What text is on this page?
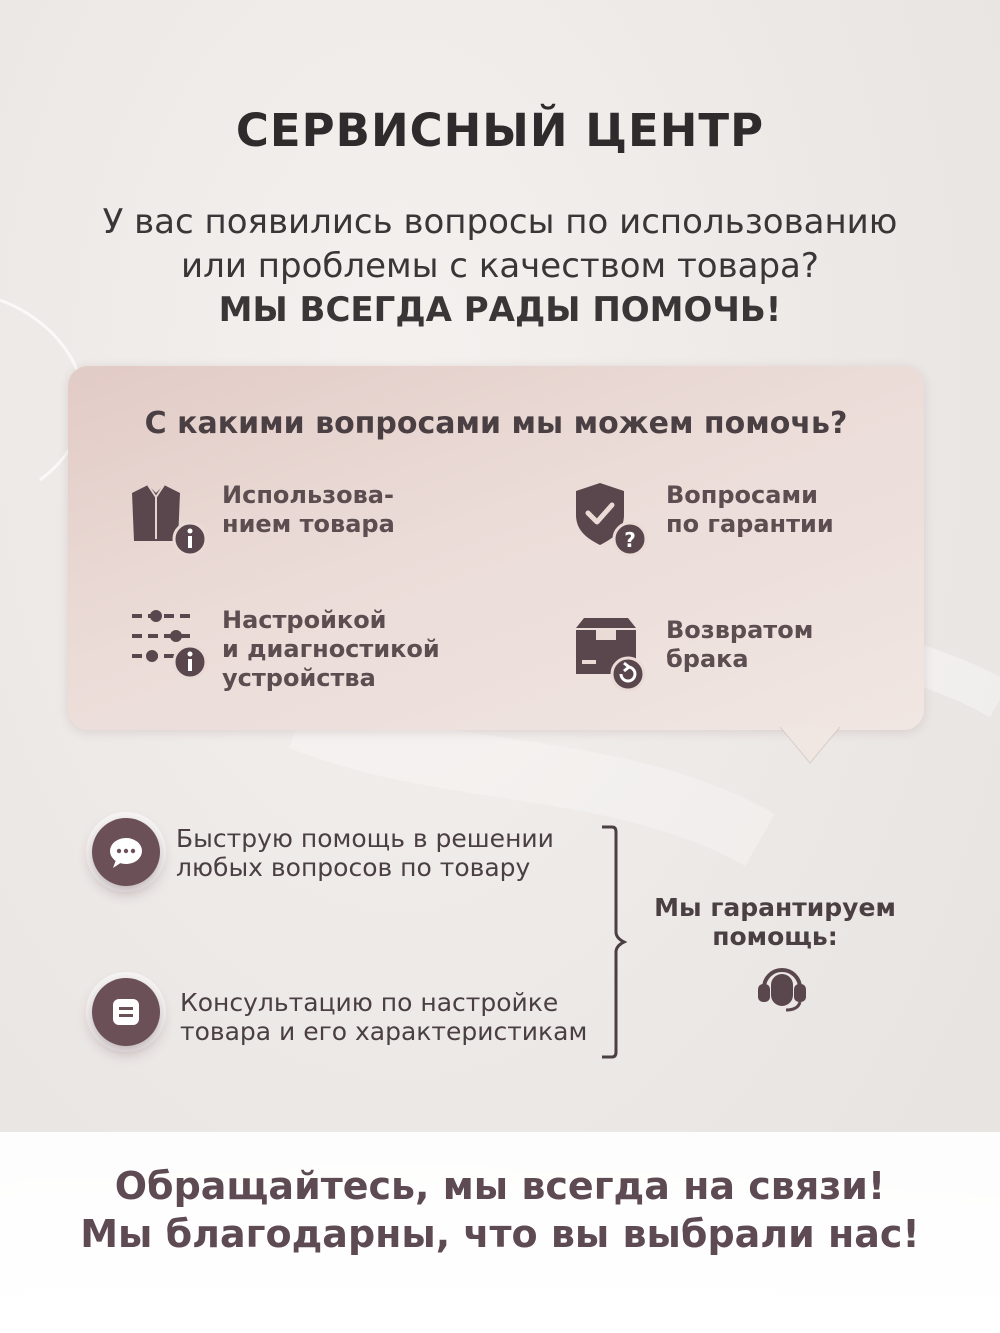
СЕРВИСНЫЙ ЦЕНТР
У вас появились вопросы по использованию
или проблемы с качеством товара?
МЫ ВСЕГДА РАДЫ ПОМОЧЬ!
С какими вопросами мы можем помочь?
Использова-
нием товара
?
Вопросами
по гарантии
Настройкой
и диагностикой
устройства
Возвратом
брака
Быструю помощь в решении
любых вопросов по товару
Консультацию по настройке
товара и его характеристикам
Мы гарантируем
помощь:
Обращайтесь, мы всегда на связи!
Мы благодарны, что вы выбрали нас!
